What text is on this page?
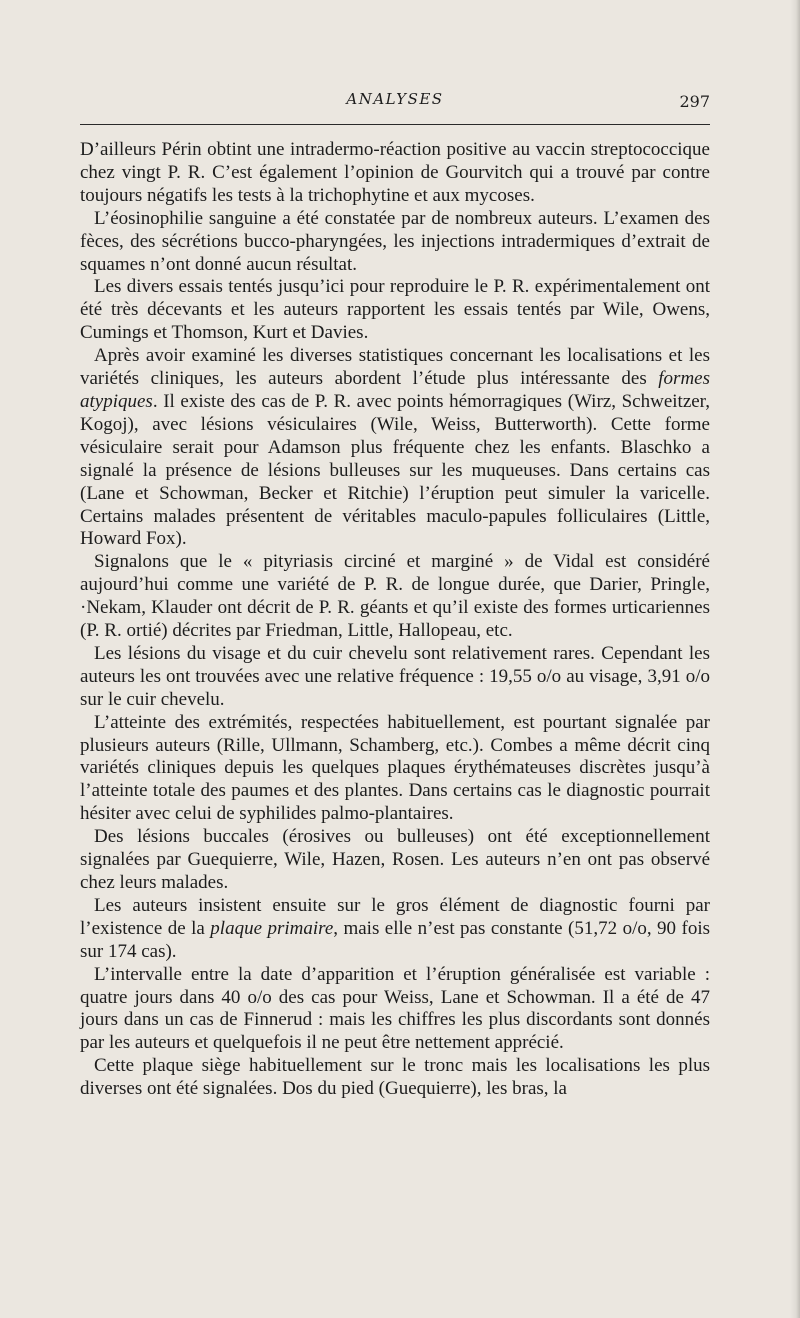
ANALYSES	297

D’ailleurs Périn obtint une intradermo-réaction positive au vaccin streptococcique chez vingt P. R. C’est également l’opinion de Gourvitch qui a trouvé par contre toujours négatifs les tests à la trichophytine et aux mycoses.

L’éosinophilie sanguine a été constatée par de nombreux auteurs. L’examen des fèces, des sécrétions bucco-pharyngées, les injections intradermiques d’extrait de squames n’ont donné aucun résultat.

Les divers essais tentés jusqu’ici pour reproduire le P. R. expérimentalement ont été très décevants et les auteurs rapportent les essais tentés par Wile, Owens, Cumings et Thomson, Kurt et Davies.

Après avoir examiné les diverses statistiques concernant les localisations et les variétés cliniques, les auteurs abordent l’étude plus intéressante des formes atypiques. Il existe des cas de P. R. avec points hémorragiques (Wirz, Schweitzer, Kogoj), avec lésions vésiculaires (Wile, Weiss, Butterworth). Cette forme vésiculaire serait pour Adamson plus fréquente chez les enfants. Blaschko a signalé la présence de lésions bulleuses sur les muqueuses. Dans certains cas (Lane et Schowman, Becker et Ritchie) l’éruption peut simuler la varicelle. Certains malades présentent de véritables maculo-papules folliculaires (Little, Howard Fox).

Signalons que le « pityriasis circiné et marginé » de Vidal est considéré aujourd’hui comme une variété de P. R. de longue durée, que Darier, Pringle, ·Nekam, Klauder ont décrit de P. R. géants et qu’il existe des formes urticariennes (P. R. ortié) décrites par Friedman, Little, Hallopeau, etc.

Les lésions du visage et du cuir chevelu sont relativement rares. Cependant les auteurs les ont trouvées avec une relative fréquence : 19,55 o/o au visage, 3,91 o/o sur le cuir chevelu.

L’atteinte des extrémités, respectées habituellement, est pourtant signalée par plusieurs auteurs (Rille, Ullmann, Schamberg, etc.). Combes a même décrit cinq variétés cliniques depuis les quelques plaques érythémateuses discrètes jusqu’à l’atteinte totale des paumes et des plantes. Dans certains cas le diagnostic pourrait hésiter avec celui de syphilides palmo-plantaires.

Des lésions buccales (érosives ou bulleuses) ont été exceptionnellement signalées par Guequierre, Wile, Hazen, Rosen. Les auteurs n’en ont pas observé chez leurs malades.

Les auteurs insistent ensuite sur le gros élément de diagnostic fourni par l’existence de la plaque primaire, mais elle n’est pas constante (51,72 o/o, 90 fois sur 174 cas).

L’intervalle entre la date d’apparition et l’éruption généralisée est variable : quatre jours dans 40 o/o des cas pour Weiss, Lane et Schowman. Il a été de 47 jours dans un cas de Finnerud : mais les chiffres les plus discordants sont donnés par les auteurs et quelquefois il ne peut être nettement apprécié.

Cette plaque siège habituellement sur le tronc mais les localisations les plus diverses ont été signalées. Dos du pied (Guequierre), les bras, la
